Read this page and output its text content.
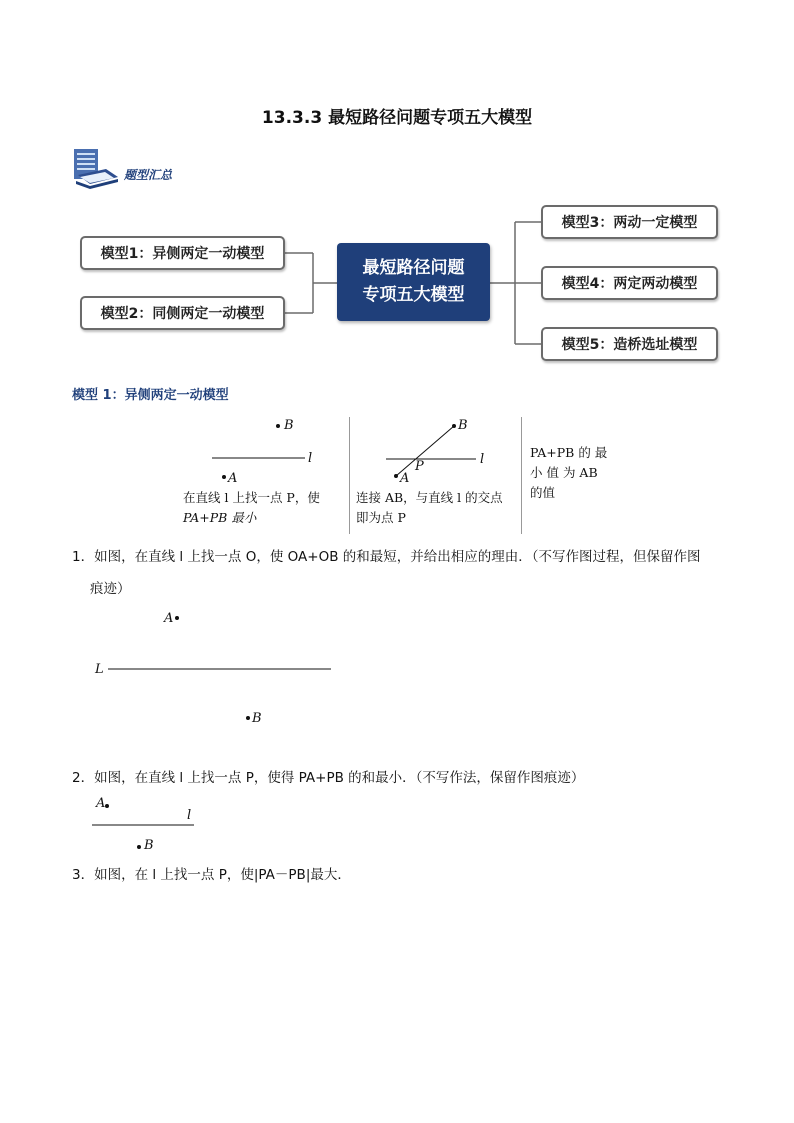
13.3.3 最短路径问题专项五大模型
题型汇总
模型1：异侧两定一动模型
模型2：同侧两定一动模型
最短路径问题
专项五大模型
模型3：两动一定模型
模型4：两定两动模型
模型5：造桥选址模型
模型 1：异侧两定一动模型
B
l
A
在直线 l 上找一点 P，使
PA+PB 最小
B
l
P
A
连接 AB，与直线 l 的交点
即为点 P
PA+PB 的 最
小 值 为 AB
的值
1．如图，在直线 l 上找一点 O，使 OA+OB 的和最短，并给出相应的理由．（不写作图过程，但保留作图
痕迹）
A
L
B
2．如图，在直线 l 上找一点 P，使得 PA+PB 的和最小．（不写作法，保留作图痕迹）
A
l
B
3．如图，在 l 上找一点 P，使|PA－PB|最大．
